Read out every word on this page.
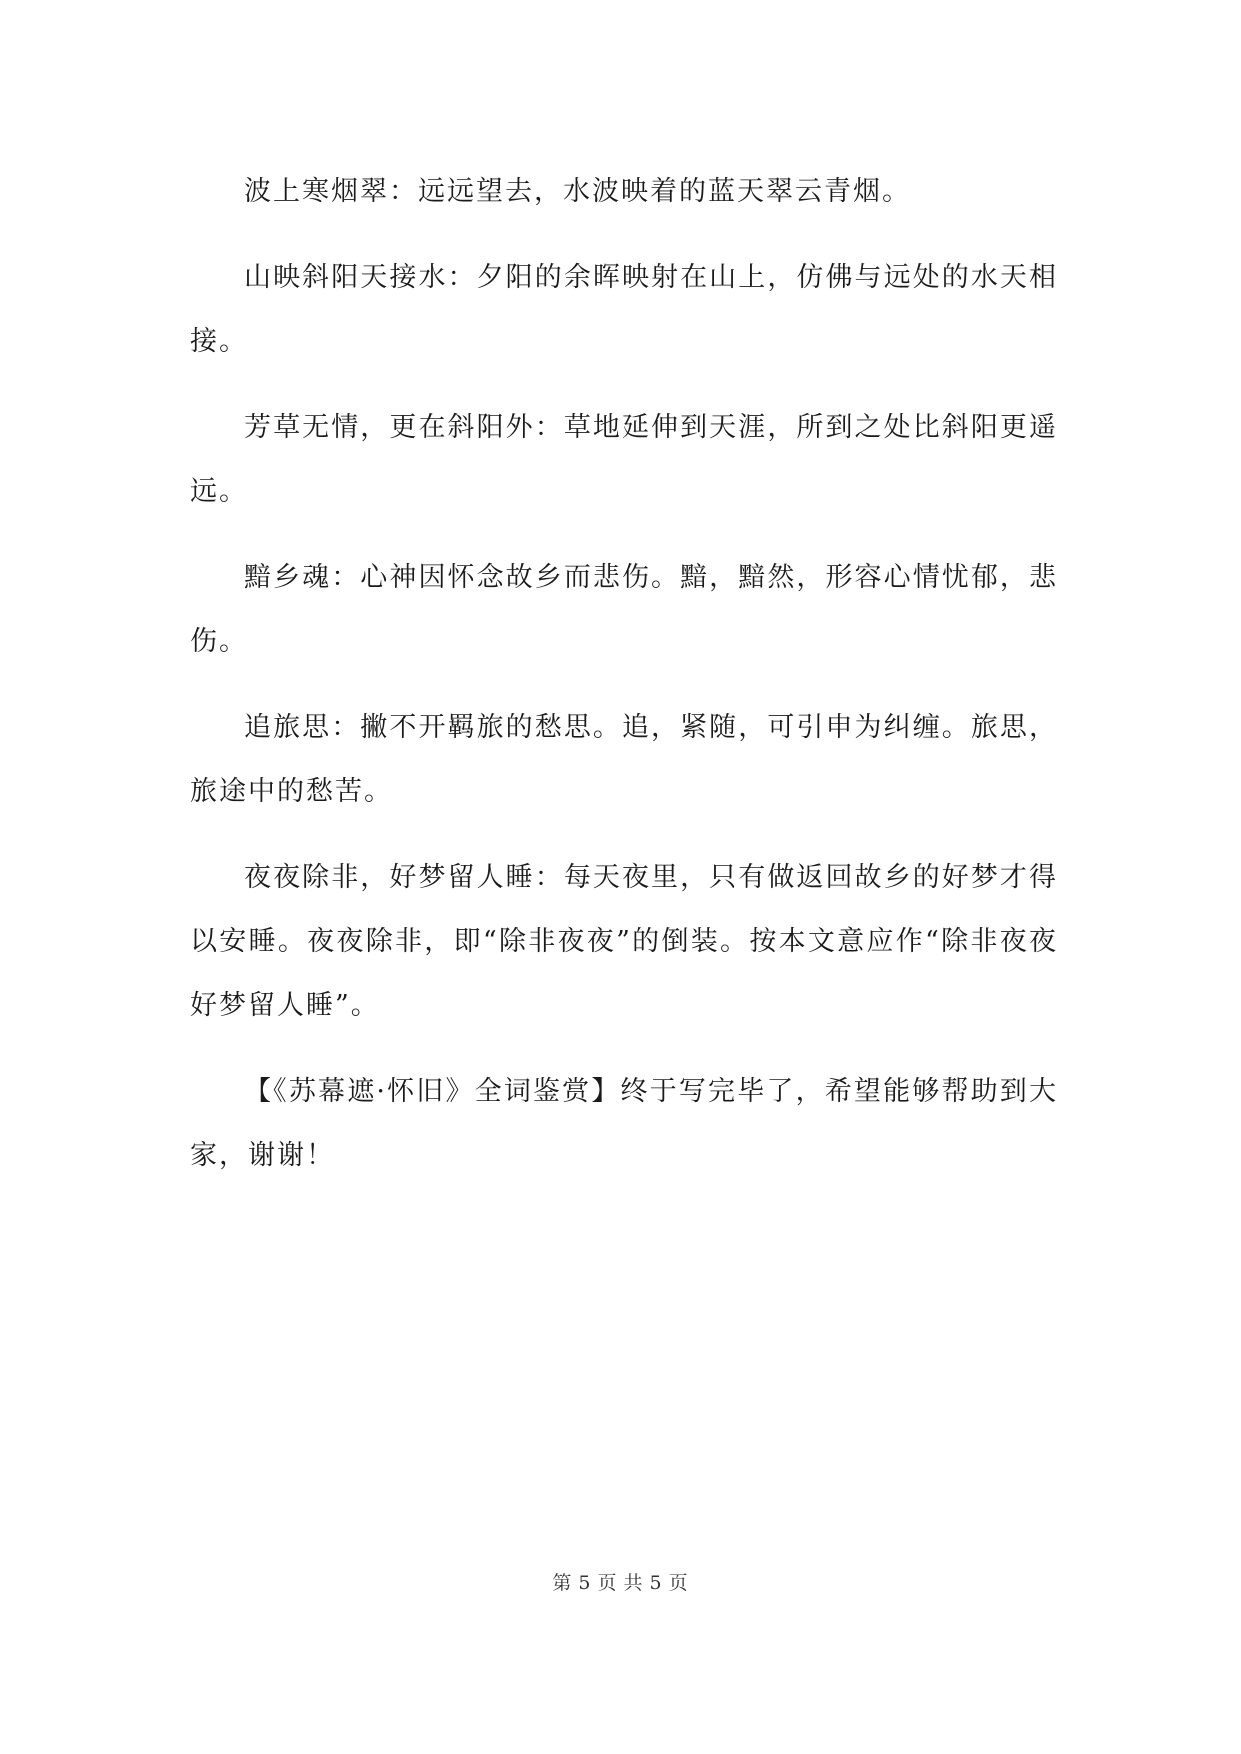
波上寒烟翠：远远望去，水波映着的蓝天翠云青烟。

山映斜阳天接水：夕阳的余晖映射在山上，仿佛与远处的水天相接。

芳草无情，更在斜阳外：草地延伸到天涯，所到之处比斜阳更遥远。

黯乡魂：心神因怀念故乡而悲伤。黯，黯然，形容心情忧郁，悲伤。

追旅思：撇不开羁旅的愁思。追，紧随，可引申为纠缠。旅思，旅途中的愁苦。

夜夜除非，好梦留人睡：每天夜里，只有做返回故乡的好梦才得以安睡。夜夜除非，即“除非夜夜”的倒装。按本文意应作“除非夜夜好梦留人睡”。

【《苏幕遮·怀旧》全词鉴赏】终于写完毕了，希望能够帮助到大家，谢谢！

第 5 页 共 5 页
